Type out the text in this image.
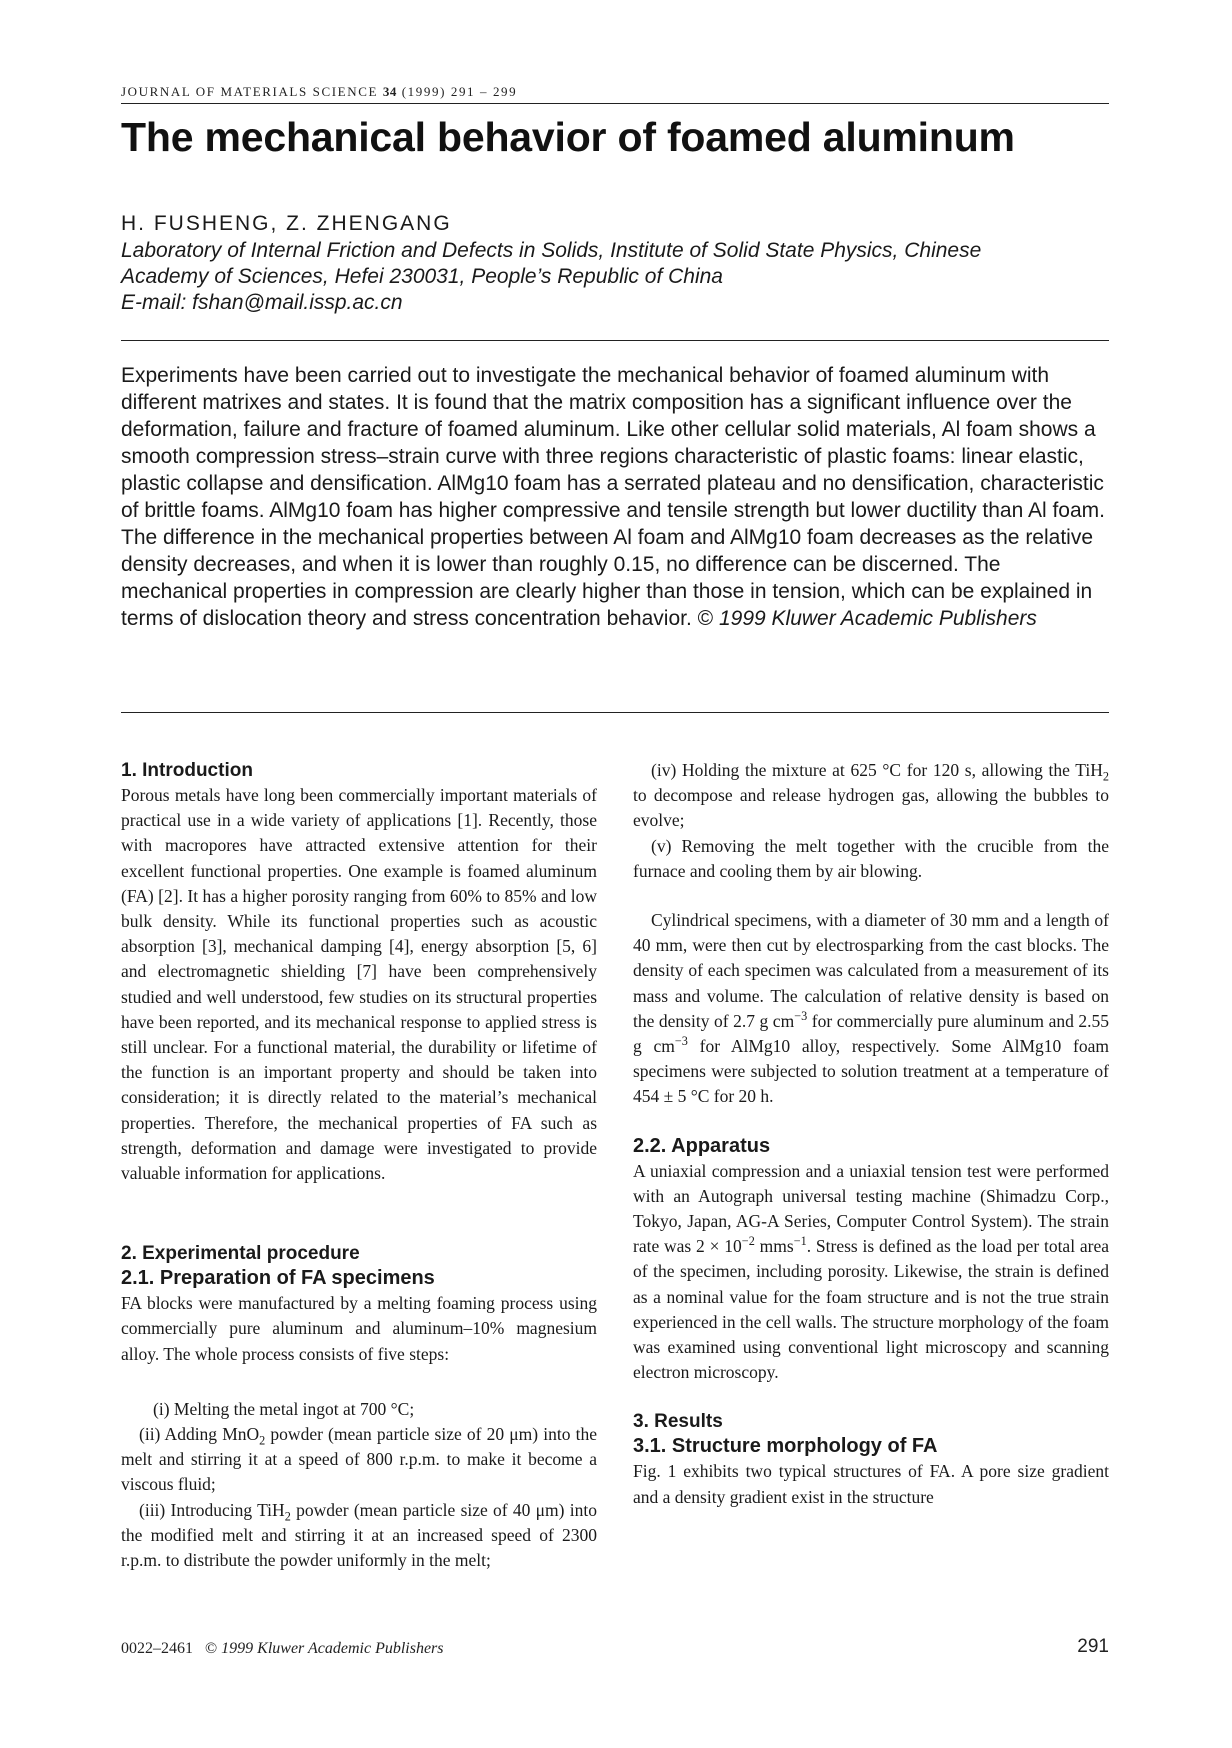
JOURNAL OF MATERIALS SCIENCE 34 (1999) 291 – 299
The mechanical behavior of foamed aluminum

H. FUSHENG, Z. ZHENGANG

Laboratory of Internal Friction and Defects in Solids, Institute of Solid State Physics, Chinese
Academy of Sciences, Hefei 230031, People’s Republic of China
E-mail: fshan@mail.issp.ac.cn

Experiments have been carried out to investigate the mechanical behavior of foamed aluminum with different matrixes and states. It is found that the matrix composition has a significant influence over the deformation, failure and fracture of foamed aluminum. Like other cellular solid materials, Al foam shows a smooth compression stress–strain curve with three regions characteristic of plastic foams: linear elastic, plastic collapse and densification. AlMg10 foam has a serrated plateau and no densification, characteristic of brittle foams. AlMg10 foam has higher compressive and tensile strength but lower ductility than Al foam. The difference in the mechanical properties between Al foam and AlMg10 foam decreases as the relative density decreases, and when it is lower than roughly 0.15, no difference can be discerned. The mechanical properties in compression are clearly higher than those in tension, which can be explained in terms of dislocation theory and stress concentration behavior. © 1999 Kluwer Academic Publishers

1. Introduction

Porous metals have long been commercially important materials of practical use in a wide variety of applications [1]. Recently, those with macropores have attracted extensive attention for their excellent functional properties. One example is foamed aluminum (FA) [2]. It has a higher porosity ranging from 60% to 85% and low bulk density. While its functional properties such as acoustic absorption [3], mechanical damping [4], energy absorption [5, 6] and electromagnetic shielding [7] have been comprehensively studied and well understood, few studies on its structural properties have been reported, and its mechanical response to applied stress is still unclear. For a functional material, the durability or lifetime of the function is an important property and should be taken into consideration; it is directly related to the material’s mechanical properties. Therefore, the mechanical properties of FA such as strength, deformation and damage were investigated to provide valuable information for applications.

2. Experimental procedure
2.1. Preparation of FA specimens

FA blocks were manufactured by a melting foaming process using commercially pure aluminum and aluminum–10% magnesium alloy. The whole process consists of five steps:

(i) Melting the metal ingot at 700 °C;

(ii) Adding MnO$_2$ powder (mean particle size of 20 μm) into the melt and stirring it at a speed of 800 r.p.m. to make it become a viscous fluid;

(iii) Introducing TiH$_2$ powder (mean particle size of 40 μm) into the modified melt and stirring it at an increased speed of 2300 r.p.m. to distribute the powder uniformly in the melt;

(iv) Holding the mixture at 625 °C for 120 s, allowing the TiH$_2$ to decompose and release hydrogen gas, allowing the bubbles to evolve;

(v) Removing the melt together with the crucible from the furnace and cooling them by air blowing.

Cylindrical specimens, with a diameter of 30 mm and a length of 40 mm, were then cut by electrosparking from the cast blocks. The density of each specimen was calculated from a measurement of its mass and volume. The calculation of relative density is based on the density of 2.7 g $cm^{-3}$ for commercially pure aluminum and 2.55 g $cm^{-3}$ for AlMg10 alloy, respectively. Some AlMg10 foam specimens were subjected to solution treatment at a temperature of 454 ± 5 °C for 20 h.

2.2. Apparatus

A uniaxial compression and a uniaxial tension test were performed with an Autograph universal testing machine (Shimadzu Corp., Tokyo, Japan, AG-A Series, Computer Control System). The strain rate was $2 \times 10^{-2}$ mms$^{-1}$. Stress is defined as the load per total area of the specimen, including porosity. Likewise, the strain is defined as a nominal value for the foam structure and is not the true strain experienced in the cell walls. The structure morphology of the foam was examined using conventional light microscopy and scanning electron microscopy.

3. Results
3.1. Structure morphology of FA

Fig. 1 exhibits two typical structures of FA. A pore size gradient and a density gradient exist in the structure

0022–2461 © 1999 Kluwer Academic Publishers	291
